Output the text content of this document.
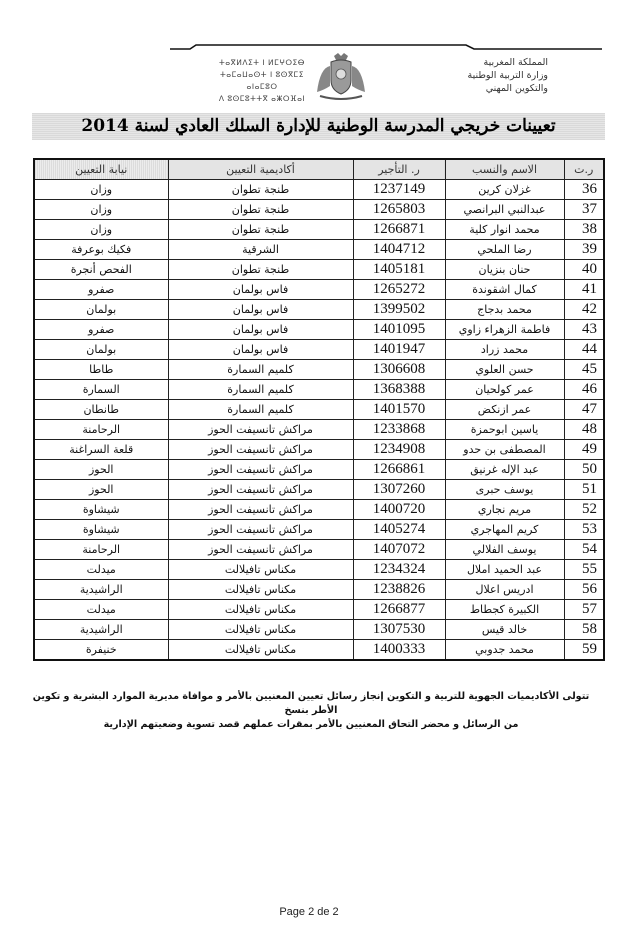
المملكة المغربية
وزارة التربية الوطنية
والتكوين المهني
ⵜⴰⴳⵍⴷⵉⵜ ⵏ ⵍⵎⵖⵔⵉⴱ
ⵜⴰⵎⴰⵡⴰⵙⵜ ⵏ ⵓⵙⴳⵎⵉ ⴰⵏⴰⵎⵓⵔ
ⴷ ⵓⵙⵎⵓⵜⵜⴳ ⴰⵥⵔⴼⴰⵏ
تعيينات خريجي المدرسة الوطنية للإدارة السلك العادي لسنة 2014
ر.ت	الاسم والنسب	ر. التأجير	أكاديمية التعيين	نيابة التعيين
36	غزلان كرين	1237149	طنجة تطوان	وزان
37	عبدالنبي البرانصي	1265803	طنجة تطوان	وزان
38	محمد انوار كلية	1266871	طنجة تطوان	وزان
39	رضا الملحي	1404712	الشرقية	فكيك بوعرفة
40	حنان بنزيان	1405181	طنجة تطوان	الفحص أنجرة
41	كمال اشقوندة	1265272	فاس بولمان	صفرو
42	محمد بدجاج	1399502	فاس بولمان	بولمان
43	فاطمة الزهراء زاوي	1401095	فاس بولمان	صفرو
44	محمد زراد	1401947	فاس بولمان	بولمان
45	حسن العلوي	1306608	كلميم السمارة	طاطا
46	عمر كولحيان	1368388	كلميم السمارة	السمارة
47	عمر ازنكض	1401570	كلميم السمارة	طانطان
48	ياسين ابوحمزة	1233868	مراكش تانسيفت الحوز	الرحامنة
49	المصطفى بن حدو	1234908	مراكش تانسيفت الحوز	قلعة السراغنة
50	عبد الإله غرنيق	1266861	مراكش تانسيفت الحوز	الحوز
51	يوسف حبرى	1307260	مراكش تانسيفت الحوز	الحوز
52	مريم نجاري	1400720	مراكش تانسيفت الحوز	شيشاوة
53	كريم المهاجري	1405274	مراكش تانسيفت الحوز	شيشاوة
54	يوسف الفلالي	1407072	مراكش تانسيفت الحوز	الرحامنة
55	عبد الحميد املال	1234324	مكناس تافيلالت	ميدلت
56	ادريس اعلال	1238826	مكناس تافيلالت	الراشيدية
57	الكبيرة كجطاط	1266877	مكناس تافيلالت	ميدلت
58	خالد قيس	1307530	مكناس تافيلالت	الراشيدية
59	محمد جدوبي	1400333	مكناس تافيلالت	خنيفرة
تتولى الأكاديميات الجهوية للتربية و التكوين إنجاز رسائل تعيين المعنيين بالأمر و موافاة مديرية الموارد البشرية و تكوين الأطر بنسخ
من الرسائل و محضر التحاق المعنيين بالأمر بمقرات عملهم قصد تسوية وضعيتهم الإدارية
Page 2 de 2
